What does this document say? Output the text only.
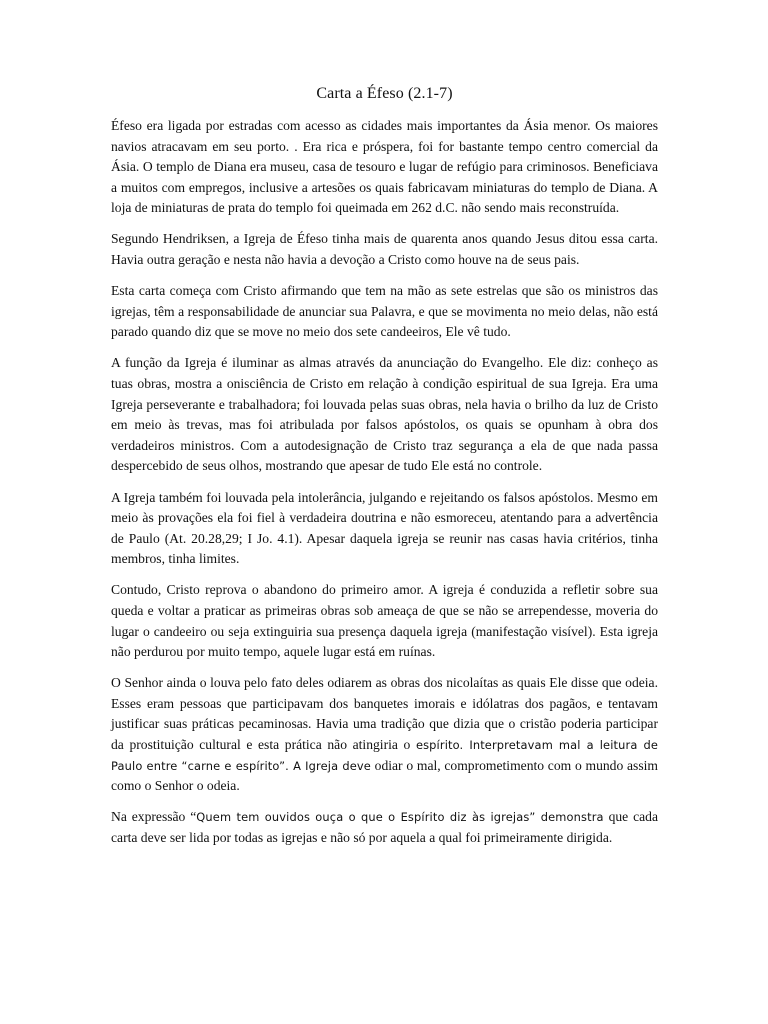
Carta a Éfeso (2.1-7)

Éfeso era ligada por estradas com acesso as cidades mais importantes da Ásia menor. Os maiores navios atracavam em seu porto. . Era rica e próspera, foi for bastante tempo centro comercial da Ásia. O templo de Diana era museu, casa de tesouro e lugar de refúgio para criminosos. Beneficiava a muitos com empregos, inclusive a artesões os quais fabricavam miniaturas do templo de Diana. A loja de miniaturas de prata do templo foi queimada em 262 d.C. não sendo mais reconstruída.

Segundo Hendriksen, a Igreja de Éfeso tinha mais de quarenta anos quando Jesus ditou essa carta. Havia outra geração e nesta não havia a devoção a Cristo como houve na de seus pais.

Esta carta começa com Cristo afirmando que tem na mão as sete estrelas que são os ministros das igrejas, têm a responsabilidade de anunciar sua Palavra, e que se movimenta no meio delas, não está parado quando diz que se move no meio dos sete candeeiros, Ele vê tudo.

A função da Igreja é iluminar as almas através da anunciação do Evangelho. Ele diz: conheço as tuas obras, mostra a onisciência de Cristo em relação à condição espiritual de sua Igreja. Era uma Igreja perseverante e trabalhadora; foi louvada pelas suas obras, nela havia o brilho da luz de Cristo em meio às trevas, mas foi atribulada por falsos apóstolos, os quais se opunham à obra dos verdadeiros ministros. Com a autodesignação de Cristo traz segurança a ela de que nada passa despercebido de seus olhos, mostrando que apesar de tudo Ele está no controle.

A Igreja também foi louvada pela intolerância, julgando e rejeitando os falsos apóstolos. Mesmo em meio às provações ela foi fiel à verdadeira doutrina e não esmoreceu, atentando para a advertência de Paulo (At. 20.28,29; I Jo. 4.1). Apesar daquela igreja se reunir nas casas havia critérios, tinha membros, tinha limites.

Contudo, Cristo reprova o abandono do primeiro amor. A igreja é conduzida a refletir sobre sua queda e voltar a praticar as primeiras obras sob ameaça de que se não se arrependesse, moveria do lugar o candeeiro ou seja extinguiria sua presença daquela igreja (manifestação visível). Esta igreja não perdurou por muito tempo, aquele lugar está em ruínas.

O Senhor ainda o louva pelo fato deles odiarem as obras dos nicolaítas as quais Ele disse que odeia. Esses eram pessoas que participavam dos banquetes imorais e idólatras dos pagãos, e tentavam justificar suas práticas pecaminosas. Havia uma tradição que dizia que o cristão poderia participar da prostituição cultural e esta prática não atingiria o espírito. Interpretavam mal a leitura de Paulo entre “carne e espírito”. A Igreja deve odiar o mal, comprometimento com o mundo assim como o Senhor o odeia.

Na expressão “Quem tem ouvidos ouça o que o Espírito diz às igrejas” demonstra que cada carta deve ser lida por todas as igrejas e não só por aquela a qual foi primeiramente dirigida.
